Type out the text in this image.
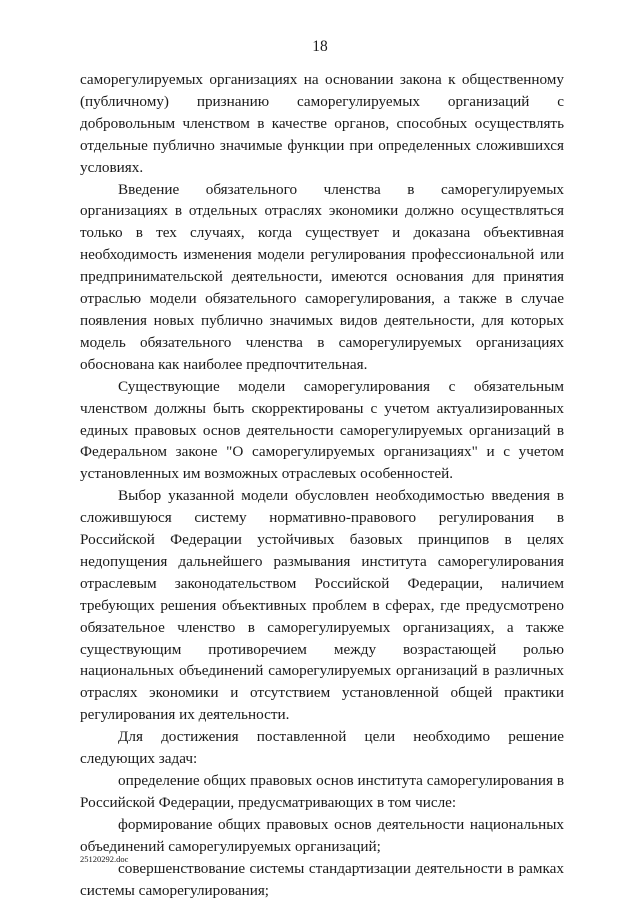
18

саморегулируемых организациях на основании закона к общественному (публичному) признанию саморегулируемых организаций с добровольным членством в качестве органов, способных осуществлять отдельные публично значимые функции при определенных сложившихся условиях.

Введение обязательного членства в саморегулируемых организациях в отдельных отраслях экономики должно осуществляться только в тех случаях, когда существует и доказана объективная необходимость изменения модели регулирования профессиональной или предпринимательской деятельности, имеются основания для принятия отраслью модели обязательного саморегулирования, а также в случае появления новых публично значимых видов деятельности, для которых модель обязательного членства в саморегулируемых организациях обоснована как наиболее предпочтительная.

Существующие модели саморегулирования с обязательным членством должны быть скорректированы с учетом актуализированных единых правовых основ деятельности саморегулируемых организаций в Федеральном законе "О саморегулируемых организациях" и с учетом установленных им возможных отраслевых особенностей.

Выбор указанной модели обусловлен необходимостью введения в сложившуюся систему нормативно-правового регулирования в Российской Федерации устойчивых базовых принципов в целях недопущения дальнейшего размывания института саморегулирования отраслевым законодательством Российской Федерации, наличием требующих решения объективных проблем в сферах, где предусмотрено обязательное членство в саморегулируемых организациях, а также существующим противоречием между возрастающей ролью национальных объединений саморегулируемых организаций в различных отраслях экономики и отсутствием установленной общей практики регулирования их деятельности.

Для достижения поставленной цели необходимо решение следующих задач:

определение общих правовых основ института саморегулирования в Российской Федерации, предусматривающих в том числе:

формирование общих правовых основ деятельности национальных объединений саморегулируемых организаций;

совершенствование системы стандартизации деятельности в рамках системы саморегулирования;

25120292.doc
